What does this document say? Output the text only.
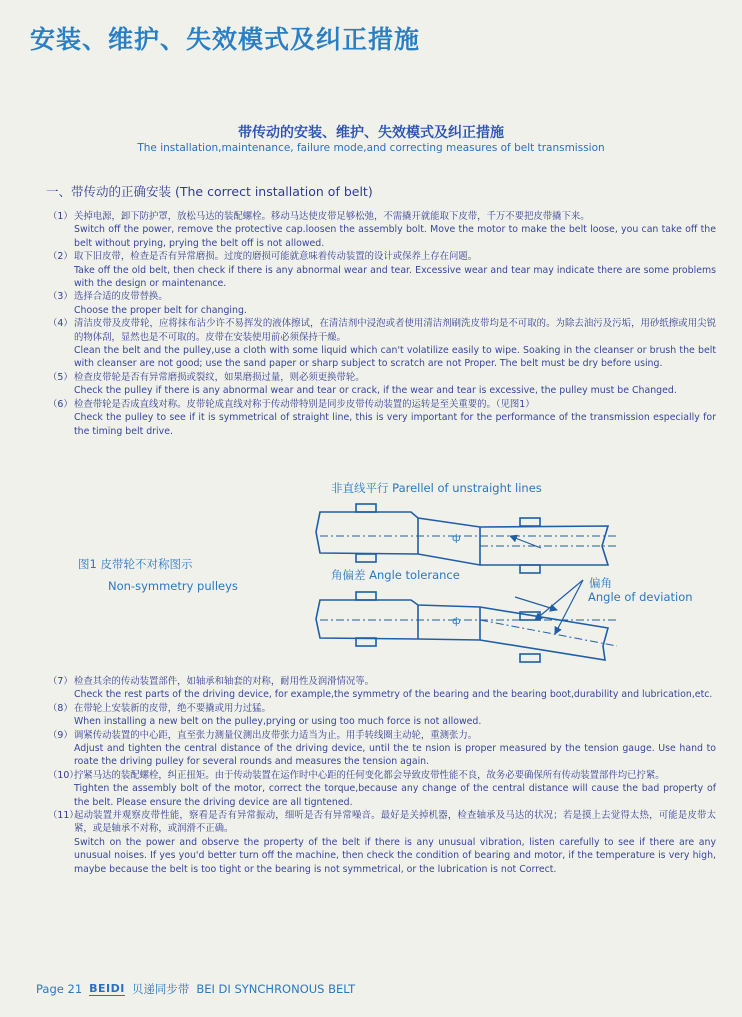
安装、维护、失效模式及纠正措施
带传动的安装、维护、失效模式及纠正措施
The installation,maintenance, failure mode,and correcting measures of belt transmission
一、带传动的正确安装 (The correct installation of belt)
（1） 关掉电源，卸下防护罩，放松马达的装配螺栓。移动马达使皮带足够松弛，不需撬开就能取下皮带，千万不要把皮带撬下来。
Switch off the power, remove the protective cap.loosen the assembly bolt. Move the motor to make the belt loose, you can take off the belt without prying, prying the belt off is not allowed.
（2） 取下旧皮带，检查是否有异常磨损。过度的磨损可能就意味着传动装置的设计或保养上存在问题。
Take off the old belt, then check if there is any abnormal wear and tear. Excessive wear and tear may indicate there are some problems with the design or maintenance.
（3） 选择合适的皮带替换。
Choose the proper belt for changing.
（4） 清洁皮带及皮带轮，应将抹布沾少许不易挥发的液体擦试，在清洁剂中浸泡或者使用清洁剂刷洗皮带均是不可取的。为除去油污及污垢，用砂纸擦或用尖锐的物体刮，显然也是不可取的。皮带在安装使用前必须保持干燥。
Clean the belt and the pulley,use a cloth with some liquid which can't volatilize easily to wipe. Soaking in the cleanser or brush the belt with cleanser are not good; use the sand paper or sharp subject to scratch are not Proper. The belt must be dry before using.
（5） 检查皮带轮是否有异常磨损或裂纹，如果磨损过量，则必须更换带轮。
Check the pulley if there is any abnormal wear and tear or crack, if the wear and tear is excessive, the pulley must be Changed.
（6） 检查带轮是否成直线对称。皮带轮成直线对称于传动带特别是同步皮带传动装置的运转是至关重要的。（见图1）
Check the pulley to see if it is symmetrical of straight line, this is very important for the performance of the transmission especially for the timing belt drive.
非直线平行 Parellel of unstraight lines
图1 皮带轮不对称图示
Non-symmetry pulleys
角偏差 Angle tolerance
偏角
Angle of deviation
ф
ф
（7） 检查其余的传动装置部件，如轴承和轴套的对称，耐用性及润滑情况等。
Check the rest parts of the driving device, for example,the symmetry of the bearing and the bearing boot,durability and lubrication,etc.
（8） 在带轮上安装新的皮带，绝不要撬或用力过猛。
When installing a new belt on the pulley,prying or using too much force is not allowed.
（9） 调紧传动装置的中心距，直至张力测量仪测出皮带张力适当为止。用手转线圈主动轮，重测张力。
Adjust and tighten the central distance of the driving device, until the te nsion is proper measured by the tension gauge. Use hand to roate the driving pulley for several rounds and measures the tension again.
（10）
拧紧马达的装配螺栓，纠正扭矩。由于传动装置在运作时中心距的任何变化都会导致皮带性能不良，故务必要确保所有传动装置部件均已拧紧。
Tighten the assembly bolt of the motor, correct the torque,because any change of the central distance will cause the bad property of the belt. Please ensure the driving device are all tigntened.
（11）
起动装置并观察皮带性能，察看是否有异常振动，细听是否有异常噪音。最好是关掉机器，检查轴承及马达的状况；若是摸上去觉得太热，可能是皮带太紧，或是轴承不对称，或润滑不正确。
Switch on the power and observe the property of the belt if there is any unusual vibration, listen carefully to see if there are any unusual noises. If yes you'd better turn off the machine, then check the condition of bearing and motor, if the temperature is very high, maybe because the belt is too tight or the bearing is not symmetrical, or the lubrication is not Correct.
Page 21 BEIDI 贝递同步带 BEI DI SYNCHRONOUS BELT
